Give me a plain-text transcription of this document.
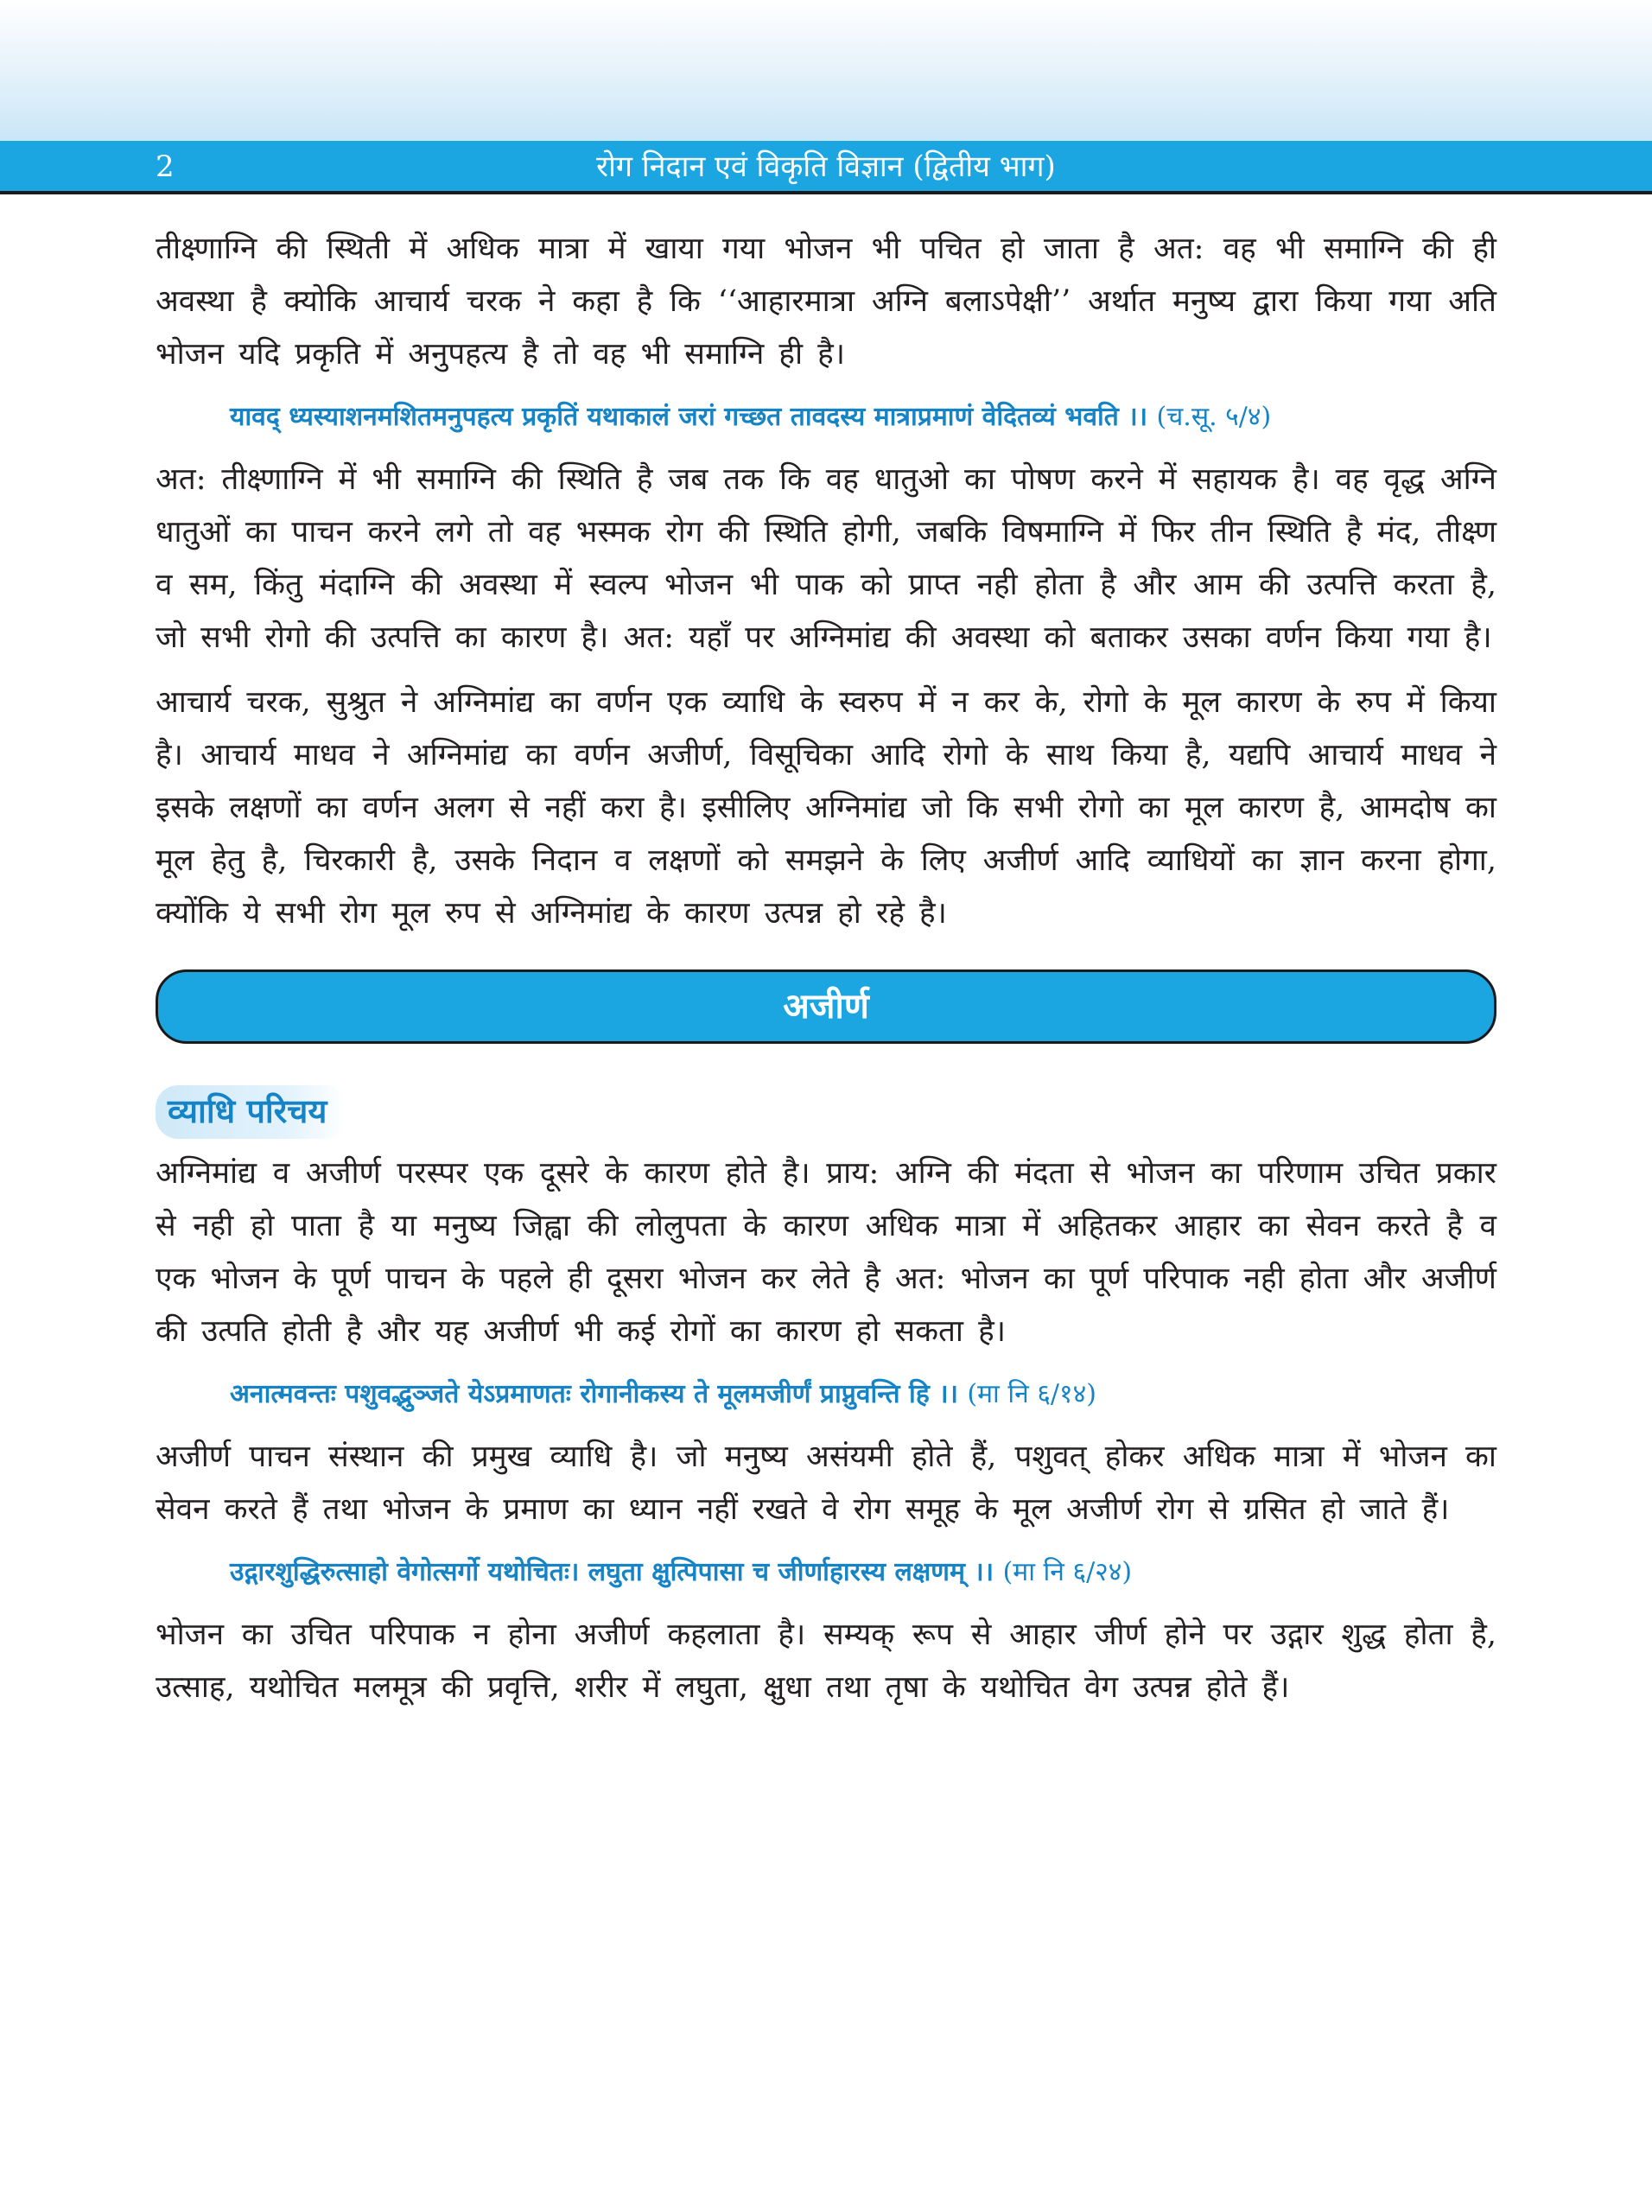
2	रोग निदान एवं विकृति विज्ञान (द्वितीय भाग)

तीक्ष्णाग्नि की स्थिती में अधिक मात्रा में खाया गया भोजन भी पचित हो जाता है अत: वह भी समाग्नि की ही अवस्था है क्योकि आचार्य चरक ने कहा है कि ‘‘आहारमात्रा अग्नि बलाऽपेक्षी’’ अर्थात मनुष्य द्वारा किया गया अति भोजन यदि प्रकृति में अनुपहत्य है तो वह भी समाग्नि ही है।

यावद् ध्यस्याशनमशितमनुपहत्य प्रकृतिं यथाकालं जरां गच्छत तावदस्य मात्राप्रमाणं वेदितव्यं भवति ।। (च.सू. ५/४)

अत: तीक्ष्णाग्नि में भी समाग्नि की स्थिति है जब तक कि वह धातुओ का पोषण करने में सहायक है। वह वृद्ध अग्नि धातुओं का पाचन करने लगे तो वह भस्मक रोग की स्थिति होगी, जबकि विषमाग्नि में फिर तीन स्थिति है मंद, तीक्ष्ण व सम, किंतु मंदाग्नि की अवस्था में स्वल्प भोजन भी पाक को प्राप्त नही होता है और आम की उत्पत्ति करता है, जो सभी रोगो की उत्पत्ति का कारण है। अत: यहाँ पर अग्निमांद्य की अवस्था को बताकर उसका वर्णन किया गया है।

आचार्य चरक, सुश्रुत ने अग्निमांद्य का वर्णन एक व्याधि के स्वरुप में न कर के, रोगो के मूल कारण के रुप में किया है। आचार्य माधव ने अग्निमांद्य का वर्णन अजीर्ण, विसूचिका आदि रोगो के साथ किया है, यद्यपि आचार्य माधव ने इसके लक्षणों का वर्णन अलग से नहीं करा है। इसीलिए अग्निमांद्य जो कि सभी रोगो का मूल कारण है, आमदोष का मूल हेतु है, चिरकारी है, उसके निदान व लक्षणों को समझने के लिए अजीर्ण आदि व्याधियों का ज्ञान करना होगा, क्योंकि ये सभी रोग मूल रुप से अग्निमांद्य के कारण उत्पन्न हो रहे है।

अजीर्ण
व्याधि परिचय

अग्निमांद्य व अजीर्ण परस्पर एक दूसरे के कारण होते है। प्राय: अग्नि की मंदता से भोजन का परिणाम उचित प्रकार से नही हो पाता है या मनुष्य जिह्वा की लोलुपता के कारण अधिक मात्रा में अहितकर आहार का सेवन करते है व एक भोजन के पूर्ण पाचन के पहले ही दूसरा भोजन कर लेते है अत: भोजन का पूर्ण परिपाक नही होता और अजीर्ण की उत्पति होती है और यह अजीर्ण भी कई रोगों का कारण हो सकता है।

अनात्मवन्तः पशुवद्भुञ्जते येऽप्रमाणतः रोगानीकस्य ते मूलमजीर्णं प्राप्नुवन्ति हि ।। (मा नि ६/१४)

अजीर्ण पाचन संस्थान की प्रमुख व्याधि है। जो मनुष्य असंयमी होते हैं, पशुवत् होकर अधिक मात्रा में भोजन का सेवन करते हैं तथा भोजन के प्रमाण का ध्यान नहीं रखते वे रोग समूह के मूल अजीर्ण रोग से ग्रसित हो जाते हैं।

उद्गारशुद्धिरुत्साहो वेगोत्सर्गो यथोचितः। लघुता क्षुत्पिपासा च जीर्णाहारस्य लक्षणम् ।। (मा नि ६/२४)

भोजन का उचित परिपाक न होना अजीर्ण कहलाता है। सम्यक् रूप से आहार जीर्ण होने पर उद्गार शुद्ध होता है, उत्साह, यथोचित मलमूत्र की प्रवृत्ति, शरीर में लघुता, क्षुधा तथा तृषा के यथोचित वेग उत्पन्न होते हैं।
